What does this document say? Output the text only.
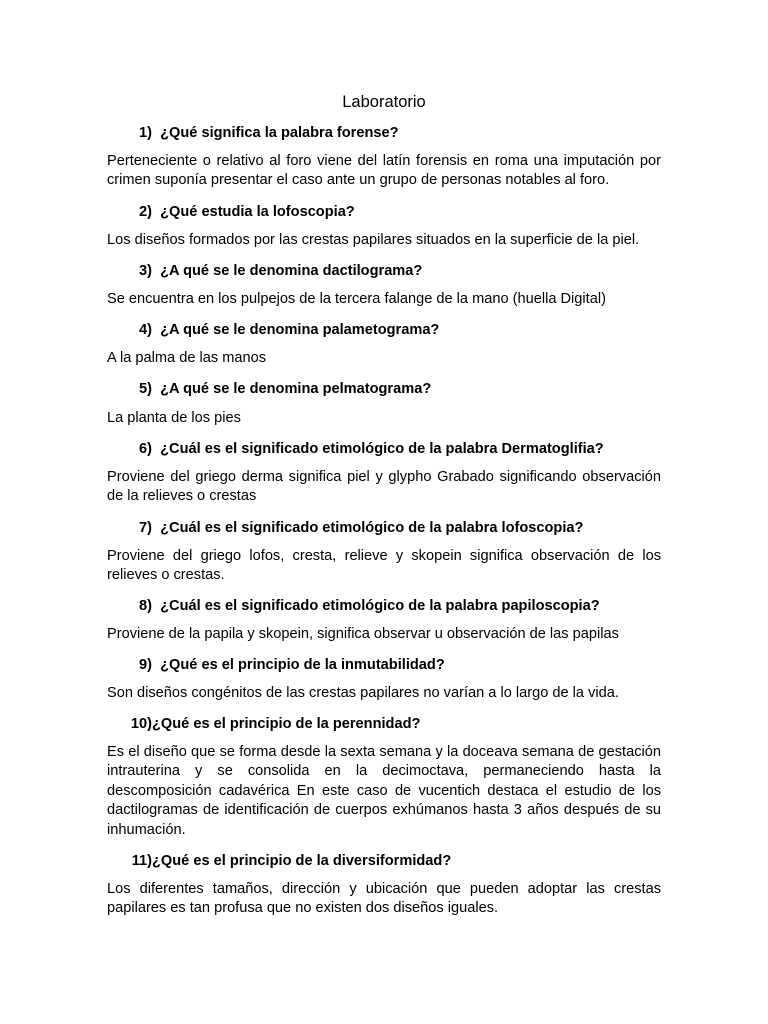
Laboratorio

1) ¿Qué significa la palabra forense?

Perteneciente o relativo al foro viene del latín forensis en roma una imputación por crimen suponía presentar el caso ante un grupo de personas notables al foro.

2) ¿Qué estudia la lofoscopia?

Los diseños formados por las crestas papilares situados en la superficie de la piel.

3) ¿A qué se le denomina dactilograma?

Se encuentra en los pulpejos de la tercera falange de la mano (huella Digital)

4) ¿A qué se le denomina palametograma?

A la palma de las manos

5) ¿A qué se le denomina pelmatograma?

La planta de los pies

6) ¿Cuál es el significado etimológico de la palabra Dermatoglifia?

Proviene del griego derma significa piel y glypho Grabado significando observación de la relieves o crestas

7) ¿Cuál es el significado etimológico de la palabra lofoscopia?

Proviene del griego lofos, cresta, relieve y skopein significa observación de los relieves o crestas.

8) ¿Cuál es el significado etimológico de la palabra papiloscopia?

Proviene de la papila y skopein, significa observar u observación de las papilas

9) ¿Qué es el principio de la inmutabilidad?

Son diseños congénitos de las crestas papilares no varían a lo largo de la vida.

10)¿Qué es el principio de la perennidad?

Es el diseño que se forma desde la sexta semana y la doceava semana de gestación intrauterina y se consolida en la decimoctava, permaneciendo hasta la descomposición cadavérica En este caso de vucentich destaca el estudio de los dactilogramas de identificación de cuerpos exhúmanos hasta 3 años después de su inhumación.

11)¿Qué es el principio de la diversiformidad?

Los diferentes tamaños, dirección y ubicación que pueden adoptar las crestas papilares es tan profusa que no existen dos diseños iguales.
